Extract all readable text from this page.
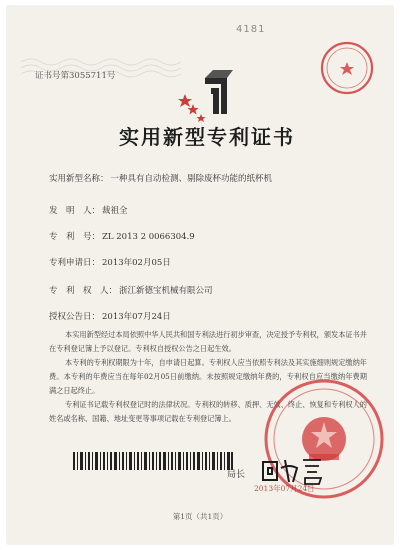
4181
证书号第3055711号
实用新型专利证书
实用新型名称： 一种具有自动检测、剔除废杯功能的纸杯机
发　明　人： 裁祖全
专　利　号： ZL 2013 2 0066304.9
专利申请日： 2013年02月05日
专　利　权　人： 浙江新德宝机械有限公司
授权公告日： 2013年07月24日

本实用新型经过本局依照中华人民共和国专利法进行初步审查，决定授予专利权，颁发本证书并在专利登记簿上予以登记。专利权自授权公告之日起生效。

本专利的专利权期限为十年，自申请日起算。专利权人应当依照专利法及其实施细则规定缴纳年费。本专利的年费应当在每年02月05日前缴纳。未按照规定缴纳年费的，专利权自应当缴纳年费期满之日起终止。

专利证书记载专利权登记时的法律状况。专利权的转移、质押、无效、终止、恢复和专利权人的姓名或名称、国籍、地址变更等事项记载在专利登记簿上。

2013年07月24日
局长
第1页（共1页）
